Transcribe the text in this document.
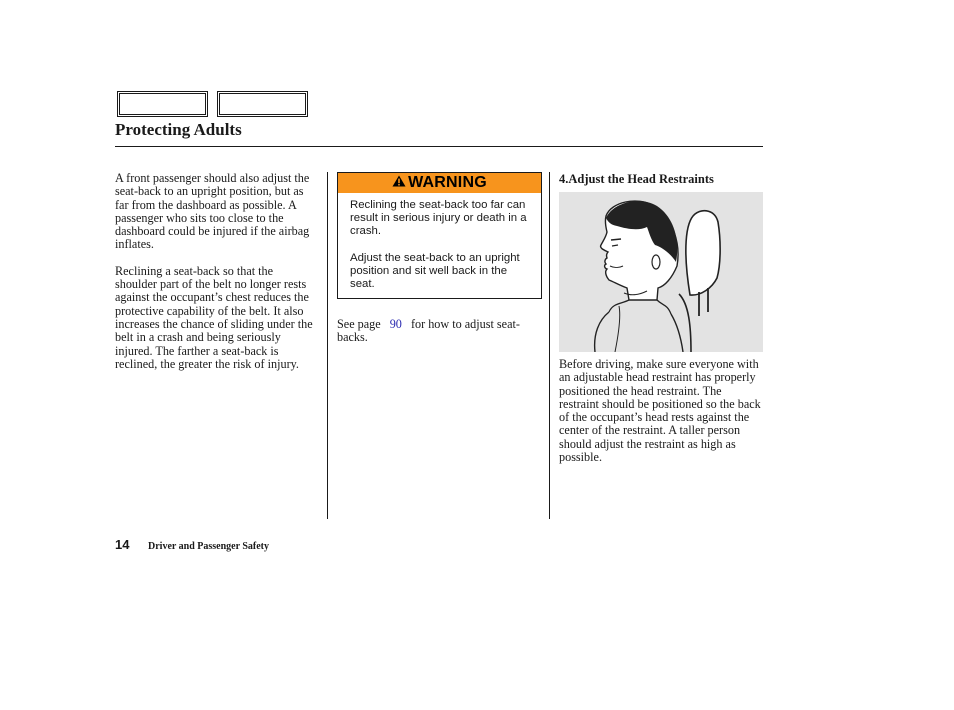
Protecting Adults

A front passenger should also adjust the seat-back to an upright position, but as far from the dashboard as possible. A passenger who sits too close to the dashboard could be injured if the airbag inflates.

Reclining a seat-back so that the shoulder part of the belt no longer rests against the occupant’s chest reduces the protective capability of the belt. It also increases the chance of sliding under the belt in a crash and being seriously injured. The farther a seat-back is reclined, the greater the risk of injury.

WARNING

Reclining the seat-back too far can result in serious injury or death in a crash.

Adjust the seat-back to an upright position and sit well back in the seat.

See page 90 for how to adjust seat-backs.

4.Adjust the Head Restraints

Before driving, make sure everyone with an adjustable head restraint has properly positioned the head restraint. The restraint should be positioned so the back of the occupant’s head rests against the center of the restraint. A taller person should adjust the restraint as high as possible.

14 Driver and Passenger Safety
